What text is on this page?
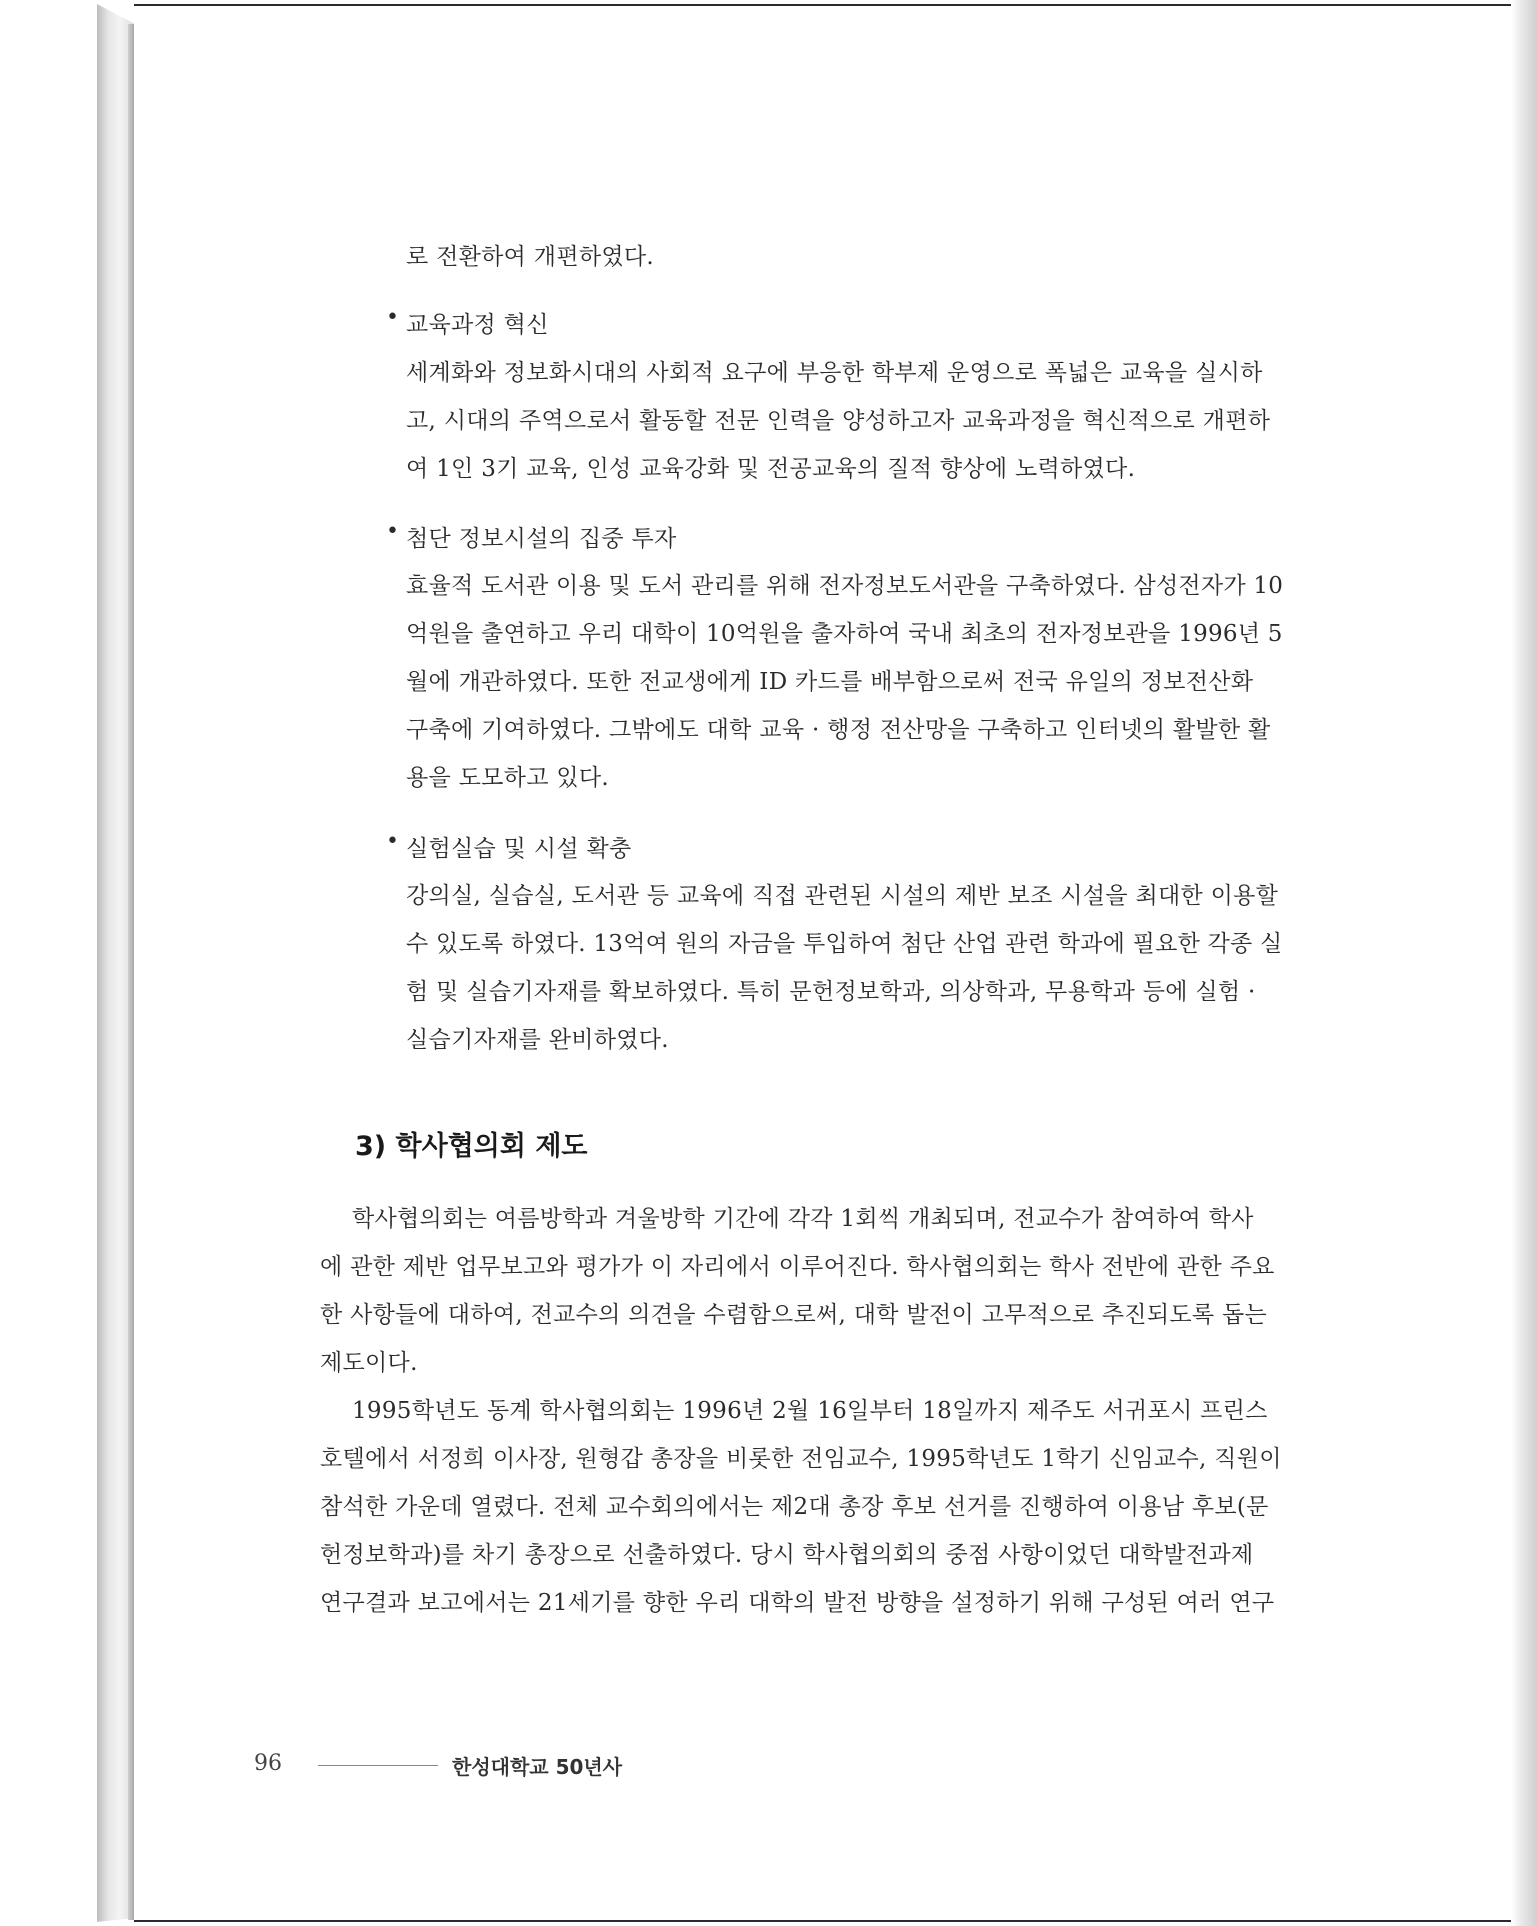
로 전환하여 개편하였다.
• 교육과정 혁신
세계화와 정보화시대의 사회적 요구에 부응한 학부제 운영으로 폭넓은 교육을 실시하
고, 시대의 주역으로서 활동할 전문 인력을 양성하고자 교육과정을 혁신적으로 개편하
여 1인 3기 교육, 인성 교육강화 및 전공교육의 질적 향상에 노력하였다.
• 첨단 정보시설의 집중 투자
효율적 도서관 이용 및 도서 관리를 위해 전자정보도서관을 구축하였다. 삼성전자가 10
억원을 출연하고 우리 대학이 10억원을 출자하여 국내 최초의 전자정보관을 1996년 5
월에 개관하였다. 또한 전교생에게 ID 카드를 배부함으로써 전국 유일의 정보전산화
구축에 기여하였다. 그밖에도 대학 교육 · 행정 전산망을 구축하고 인터넷의 활발한 활
용을 도모하고 있다.
• 실험실습 및 시설 확충
강의실, 실습실, 도서관 등 교육에 직접 관련된 시설의 제반 보조 시설을 최대한 이용할
수 있도록 하였다. 13억여 원의 자금을 투입하여 첨단 산업 관련 학과에 필요한 각종 실
험 및 실습기자재를 확보하였다. 특히 문헌정보학과, 의상학과, 무용학과 등에 실험 ·
실습기자재를 완비하였다.
3) 학사협의회 제도
학사협의회는 여름방학과 겨울방학 기간에 각각 1회씩 개최되며, 전교수가 참여하여 학사
에 관한 제반 업무보고와 평가가 이 자리에서 이루어진다. 학사협의회는 학사 전반에 관한 주요
한 사항들에 대하여, 전교수의 의견을 수렴함으로써, 대학 발전이 고무적으로 추진되도록 돕는
제도이다.
1995학년도 동계 학사협의회는 1996년 2월 16일부터 18일까지 제주도 서귀포시 프린스
호텔에서 서정희 이사장, 원형갑 총장을 비롯한 전임교수, 1995학년도 1학기 신임교수, 직원이
참석한 가운데 열렸다. 전체 교수회의에서는 제2대 총장 후보 선거를 진행하여 이용남 후보(문
헌정보학과)를 차기 총장으로 선출하였다. 당시 학사협의회의 중점 사항이었던 대학발전과제
연구결과 보고에서는 21세기를 향한 우리 대학의 발전 방향을 설정하기 위해 구성된 여러 연구
96	한성대학교 50년사
